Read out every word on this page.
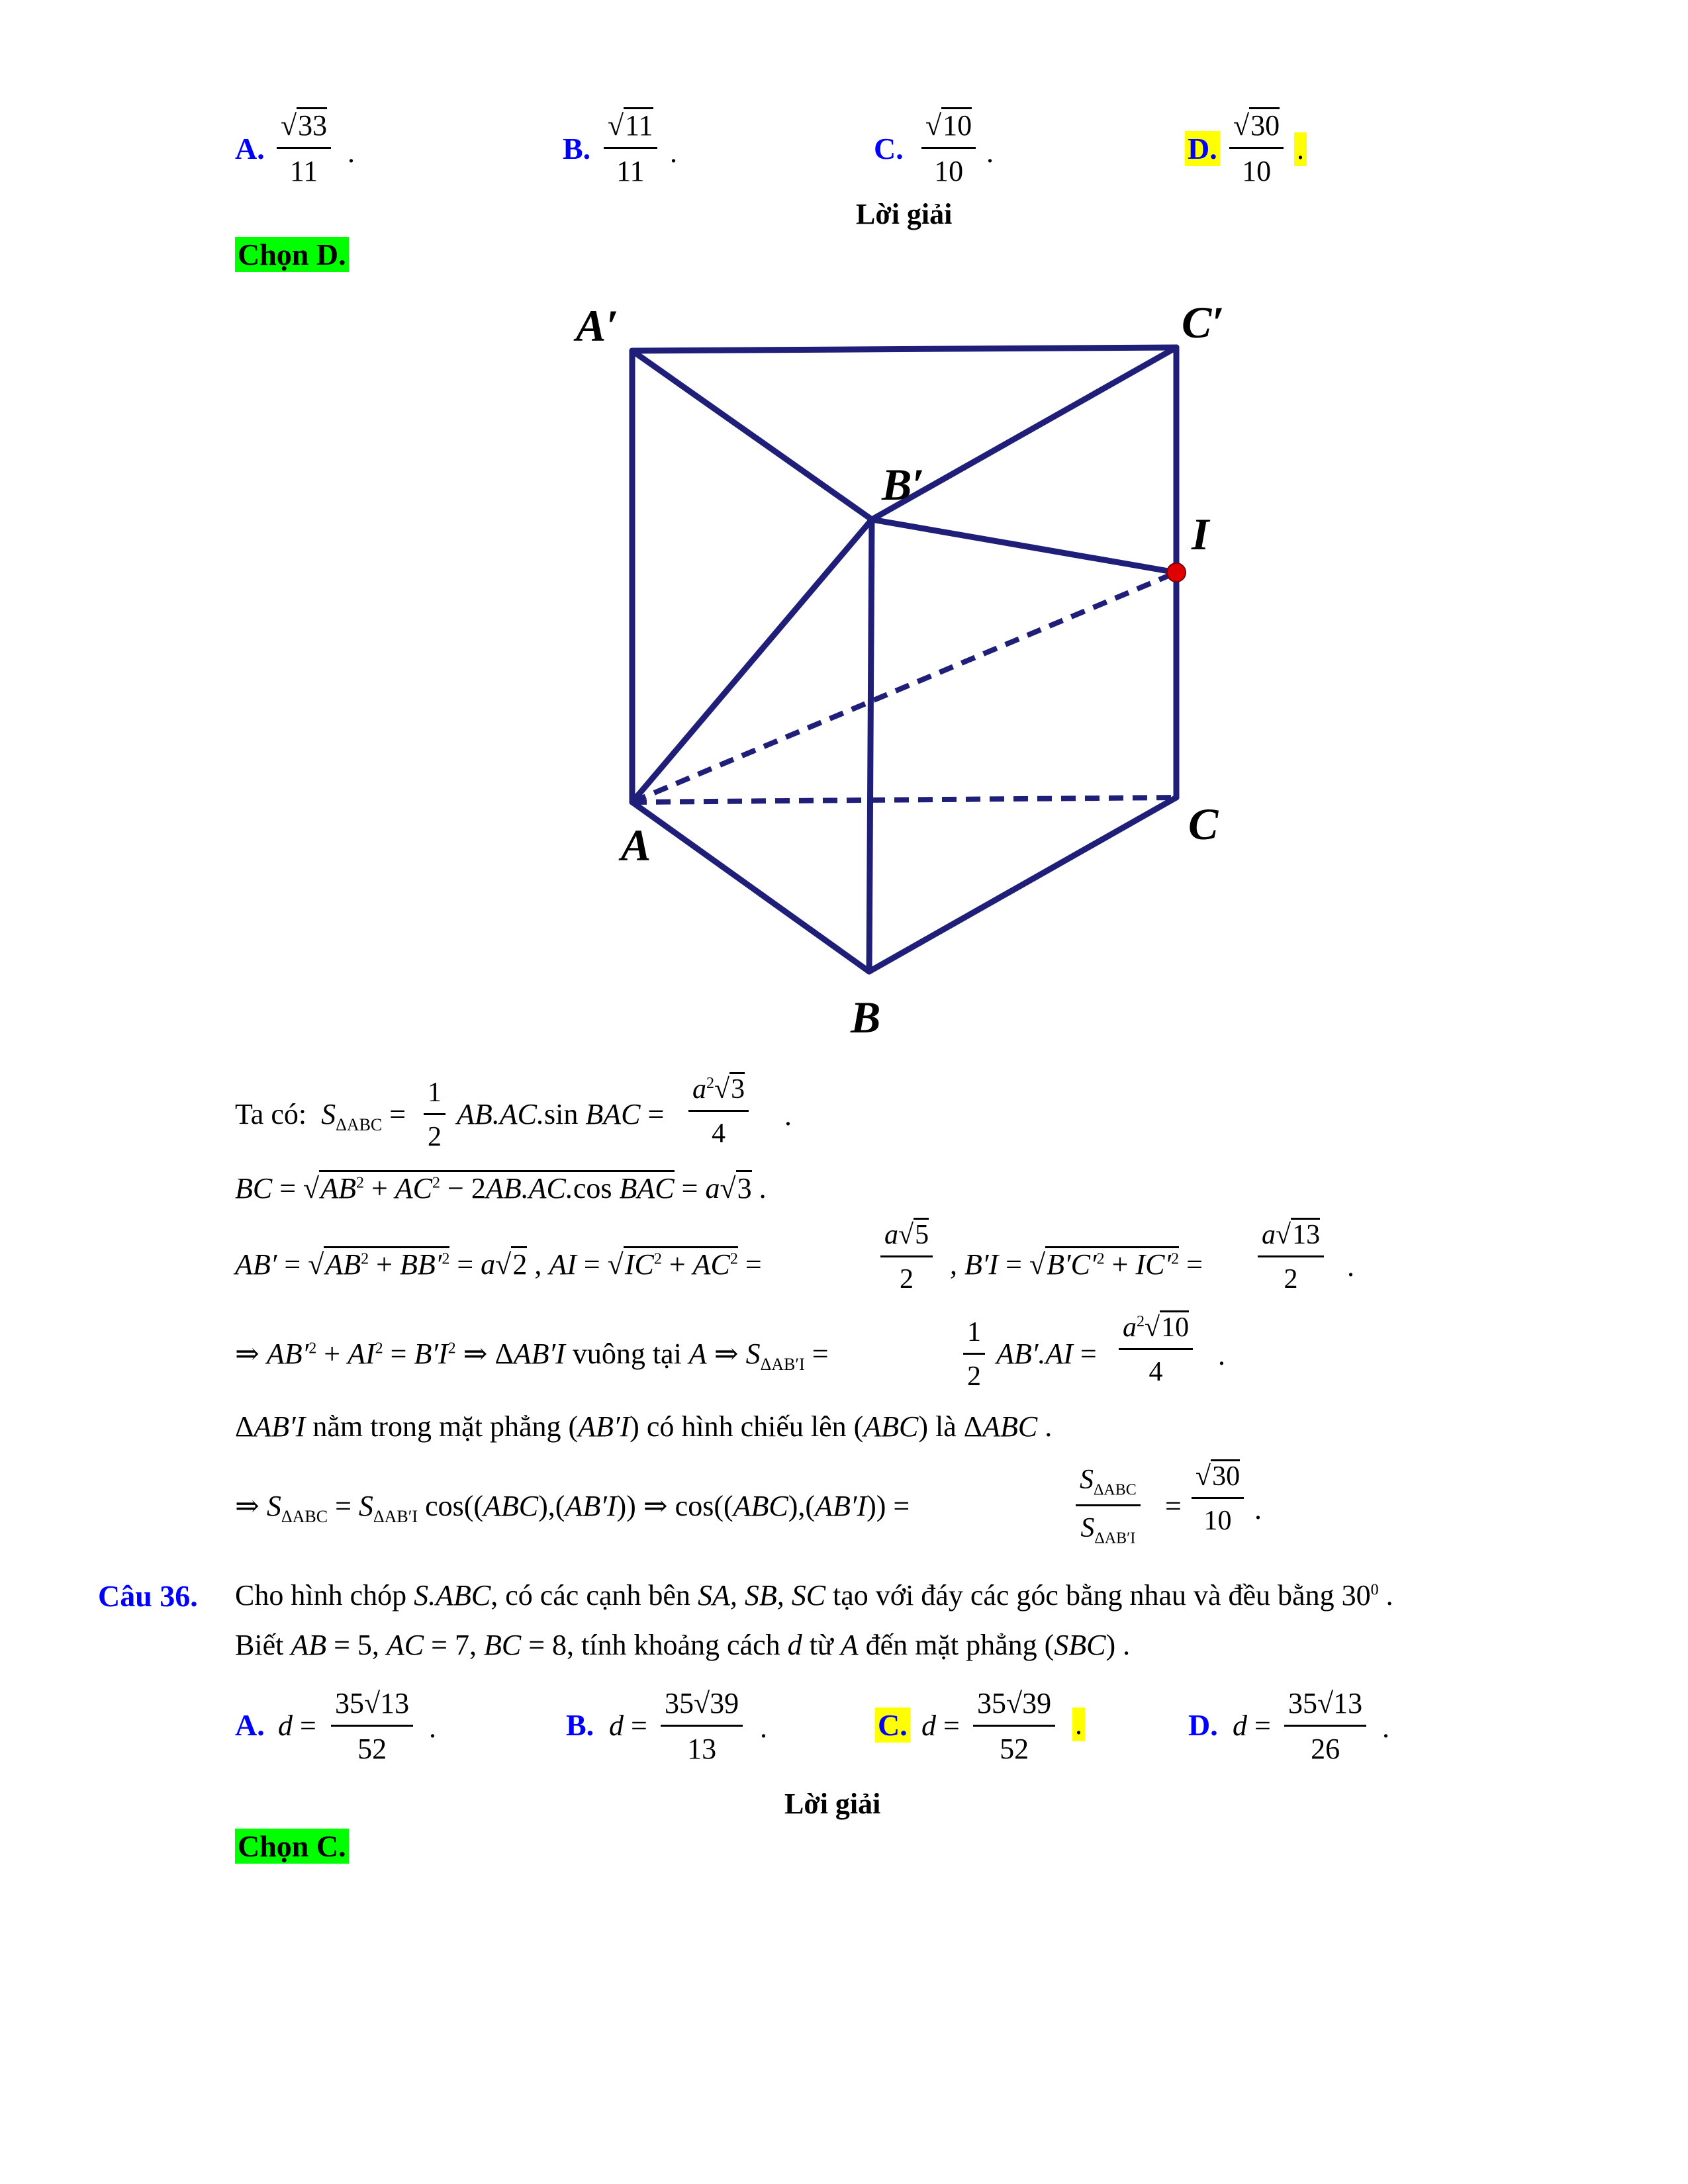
A. $\frac{√33}{11}$ .	B. $\frac{√11}{11}$ .	C. $\frac{√10}{10}$ .	D. $\frac{√30}{10}$ .
Lời giải
Chọn D.
A′	C′
B′
I
A	C
B
Ta có:  $S_{\Delta ABC} = \frac{1}{2} AB.AC.\sin$ BAC = $\frac{a^2√3}{4}$ .
BC = $√AB^2 + AC^2 - 2AB.AC.\cos$ BAC = a√3 .
$AB' = √AB^2 + BB'^2 = a√2$ , AI = $√IC^2 + AC^2$ =	$\frac{a√5}{2}$ , $B'I = √B'C'^2 + IC'^2 = \frac{a√13}{2}$ .
⇒ $AB'^2 + AI^2 = B'I^2$ ⇒ ΔAB′I vuông tại A ⇒ $S_{\Delta AB'I}$ =	$\frac{1}{2} AB'.AI = \frac{a^2√10}{4}$ .
ΔAB′I nằm trong mặt phẳng (AB′I) có hình chiếu lên (ABC) là ΔABC .
⇒ $S_{\Delta ABC} = S_{\Delta AB'I}$ cos((ABC),(AB′I)) ⇒ cos((ABC),(AB′I)) =
$S_{\Delta ABC}$
$S_{\Delta AB'I}$
= $\frac{√30}{10}$ .
Câu 36. Cho hình chóp S.ABC, có các cạnh bên SA, SB, SC tạo với đáy các góc bằng nhau và đều bằng $30^0$ .
Biết AB = 5, AC = 7, BC = 8, tính khoảng cách d từ A đến mặt phẳng (SBC) .
A. $d = \frac{35√13}{52}$ .	B. $d = \frac{35√39}{13}$ .	C. $d = \frac{35√39}{52}$ .	D. $d = \frac{35√13}{26}$ .
Lời giải
Chọn C.
